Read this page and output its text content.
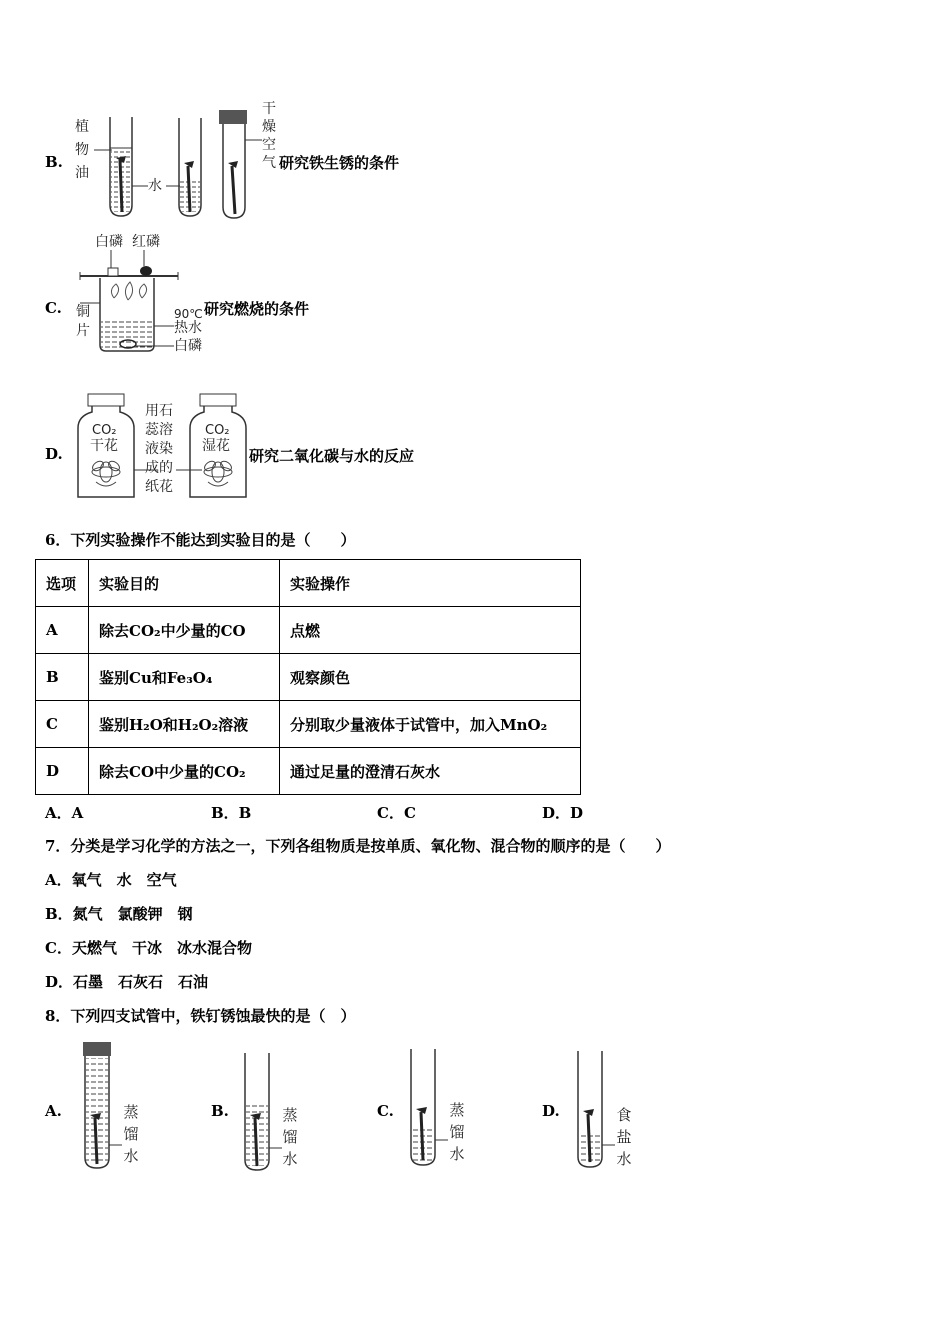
B.
植
物
油
水
干
燥
空
气 研究铁生锈的条件
C.
白磷 红磷
铜
片
90℃
热水
白磷
研究燃烧的条件
D.
CO₂
干花
CO₂
湿花
用石
蕊溶
液染
成的
纸花
研究二氧化碳与水的反应
6．下列实验操作不能达到实验目的是（　　）
选项	实验目的	实验操作
A	除去CO₂中少量的CO	点燃
B	鉴别Cu和Fe₃O₄	观察颜色
C	鉴别H₂O和H₂O₂溶液	分别取少量液体于试管中，加入MnO₂
D	除去CO中少量的CO₂	通过足量的澄清石灰水
A．A	B．B	C．C	D．D
7．分类是学习化学的方法之一，下列各组物质是按单质、氧化物、混合物的顺序的是（　　）
A．氧气　水　空气
B．氮气　氯酸钾　钢
C．天燃气　干冰　冰水混合物
D．石墨　石灰石　石油
8．下列四支试管中，铁钉锈蚀最快的是（　）
A.	蒸
馏
水
B.	蒸
馏
水
C.	蒸
馏
水
D.	食
盐
水
